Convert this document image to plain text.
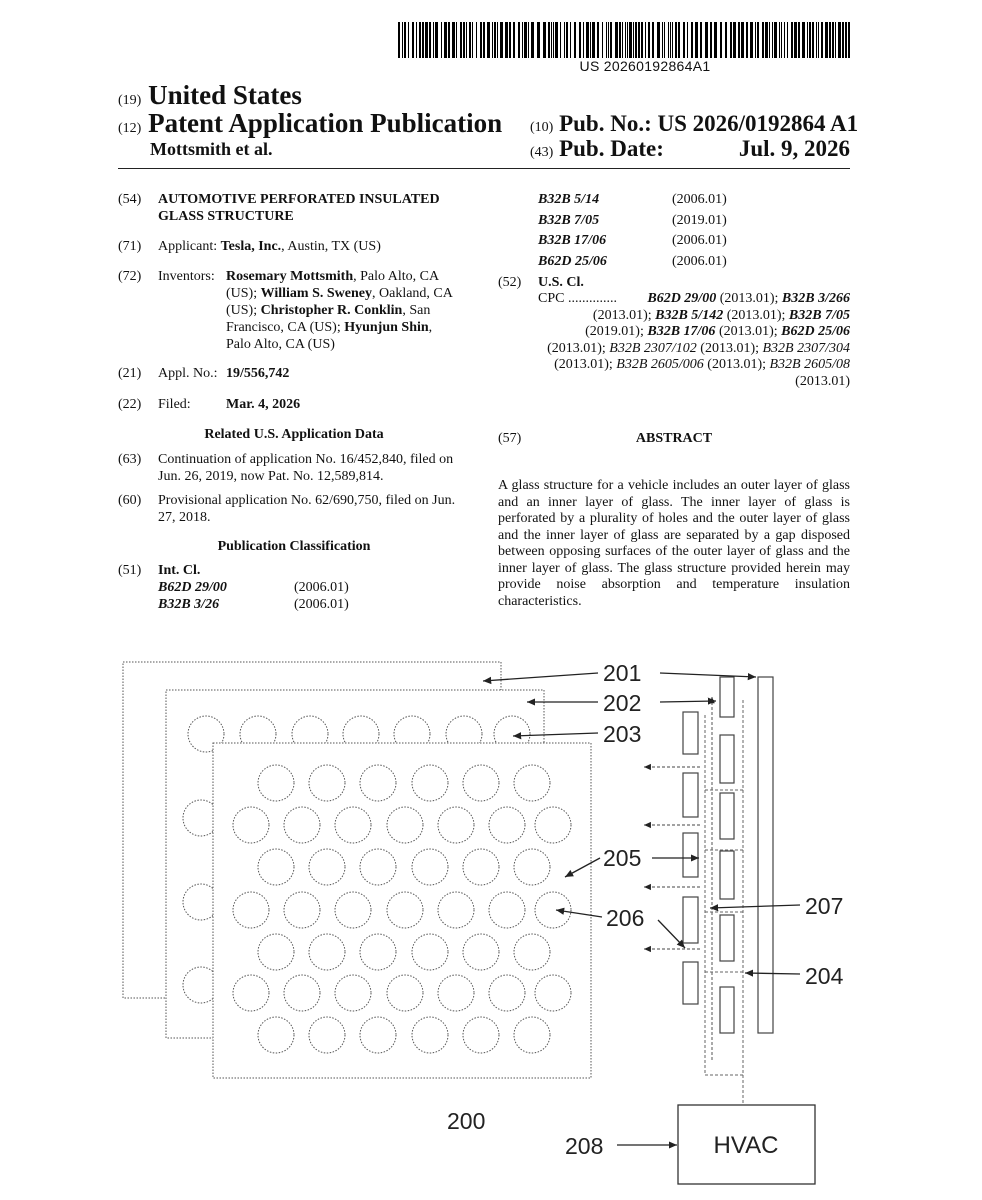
US 20260192864A1
(19) United States
(12) Patent Application Publication
Mottsmith et al.
(10) Pub. No.: US 2026/0192864 A1
(43) Pub. Date:	Jul. 9, 2026
(54) AUTOMOTIVE PERFORATED INSULATED
GLASS STRUCTURE
(71) Applicant: Tesla, Inc., Austin, TX (US)
(72) Inventors: Rosemary Mottsmith, Palo Alto, CA
(US); William S. Sweney, Oakland, CA
(US); Christopher R. Conklin, San
Francisco, CA (US); Hyunjun Shin,
Palo Alto, CA (US)
(21) Appl. No.: 19/556,742
(22) Filed:	Mar. 4, 2026
Related U.S. Application Data
(63) Continuation of application No. 16/452,840, filed on
Jun. 26, 2019, now Pat. No. 12,589,814.
(60) Provisional application No. 62/690,750, filed on Jun.
27, 2018.
Publication Classification
(51) Int. Cl.
B62D 29/00	(2006.01)
B32B 3/26	(2006.01)
B32B 5/14	(2006.01)
B32B 7/05	(2019.01)
B32B 17/06	(2006.01)
B62D 25/06	(2006.01)
(52) U.S. Cl.
CPC .............. B62D 29/00 (2013.01); B32B 3/266 (2013.01); B32B 5/142 (2013.01); B32B 7/05 (2019.01); B32B 17/06 (2013.01); B62D 25/06 (2013.01); B32B 2307/102 (2013.01); B32B 2307/304 (2013.01); B32B 2605/006 (2013.01); B32B 2605/08 (2013.01)
(57)	ABSTRACT
A glass structure for a vehicle includes an outer layer of glass and an inner layer of glass. The inner layer of glass is perforated by a plurality of holes and the outer layer of glass and the inner layer of glass are separated by a gap disposed between opposing surfaces of the outer layer of glass and the inner layer of glass. The glass structure provided herein may provide noise absorption and temperature insulation characteristics.
HVAC
201
202
203
205
206	207
204
200
208
